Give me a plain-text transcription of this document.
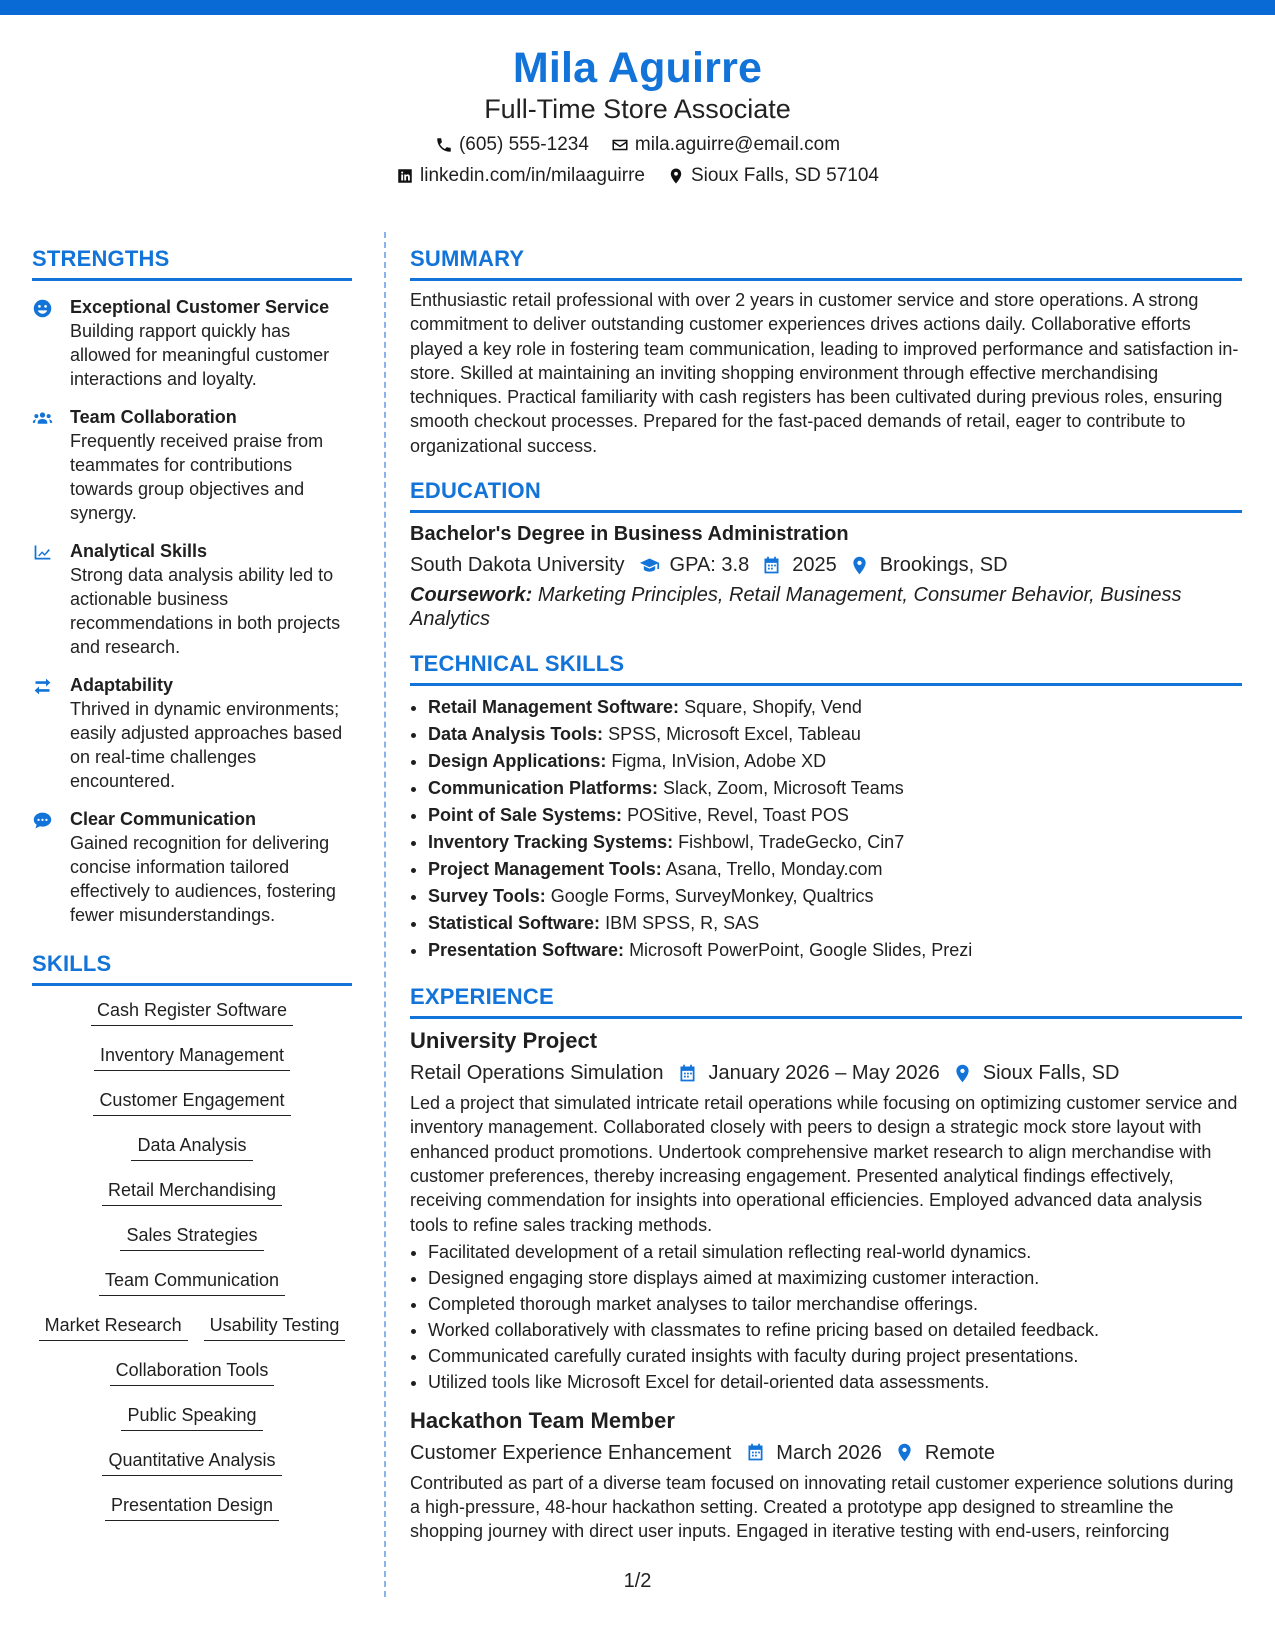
Mila Aguirre
Full-Time Store Associate
(605) 555-1234 mila.aguirre@email.com
linkedin.com/in/milaaguirre Sioux Falls, SD 57104
STRENGTHS
Exceptional Customer Service
Building rapport quickly has allowed for meaningful customer interactions and loyalty.
Team Collaboration
Frequently received praise from teammates for contributions towards group objectives and synergy.
Analytical Skills
Strong data analysis ability led to actionable business recommendations in both projects and research.
Adaptability
Thrived in dynamic environments; easily adjusted approaches based on real-time challenges encountered.
Clear Communication
Gained recognition for delivering concise information tailored effectively to audiences, fostering fewer misunderstandings.
SKILLS
Cash Register Software
Inventory Management
Customer Engagement
Data Analysis
Retail Merchandising
Sales Strategies
Team Communication
Market Research	Usability Testing
Collaboration Tools
Public Speaking
Quantitative Analysis
Presentation Design
SUMMARY
Enthusiastic retail professional with over 2 years in customer service and store operations. A strong commitment to deliver outstanding customer experiences drives actions daily. Collaborative efforts played a key role in fostering team communication, leading to improved performance and satisfaction in-store. Skilled at maintaining an inviting shopping environment through effective merchandising techniques. Practical familiarity with cash registers has been cultivated during previous roles, ensuring smooth checkout processes. Prepared for the fast-paced demands of retail, eager to contribute to organizational success.
EDUCATION
Bachelor's Degree in Business Administration
South Dakota University GPA: 3.8 2025 Brookings, SD
Coursework: Marketing Principles, Retail Management, Consumer Behavior, Business Analytics
TECHNICAL SKILLS
• Retail Management Software: Square, Shopify, Vend
• Data Analysis Tools: SPSS, Microsoft Excel, Tableau
• Design Applications: Figma, InVision, Adobe XD
• Communication Platforms: Slack, Zoom, Microsoft Teams
• Point of Sale Systems: POSitive, Revel, Toast POS
• Inventory Tracking Systems: Fishbowl, TradeGecko, Cin7
• Project Management Tools: Asana, Trello, Monday.com
• Survey Tools: Google Forms, SurveyMonkey, Qualtrics
• Statistical Software: IBM SPSS, R, SAS
• Presentation Software: Microsoft PowerPoint, Google Slides, Prezi
EXPERIENCE
University Project
Retail Operations Simulation January 2026 – May 2026 Sioux Falls, SD
Led a project that simulated intricate retail operations while focusing on optimizing customer service and inventory management. Collaborated closely with peers to design a strategic mock store layout with enhanced product promotions. Undertook comprehensive market research to align merchandise with customer preferences, thereby increasing engagement. Presented analytical findings effectively, receiving commendation for insights into operational efficiencies. Employed advanced data analysis tools to refine sales tracking methods.
• Facilitated development of a retail simulation reflecting real-world dynamics.
• Designed engaging store displays aimed at maximizing customer interaction.
• Completed thorough market analyses to tailor merchandise offerings.
• Worked collaboratively with classmates to refine pricing based on detailed feedback.
• Communicated carefully curated insights with faculty during project presentations.
• Utilized tools like Microsoft Excel for detail-oriented data assessments.
Hackathon Team Member
Customer Experience Enhancement March 2026 Remote
Contributed as part of a diverse team focused on innovating retail customer experience solutions during a high-pressure, 48-hour hackathon setting. Created a prototype app designed to streamline the shopping journey with direct user inputs. Engaged in iterative testing with end-users, reinforcing
1/2
